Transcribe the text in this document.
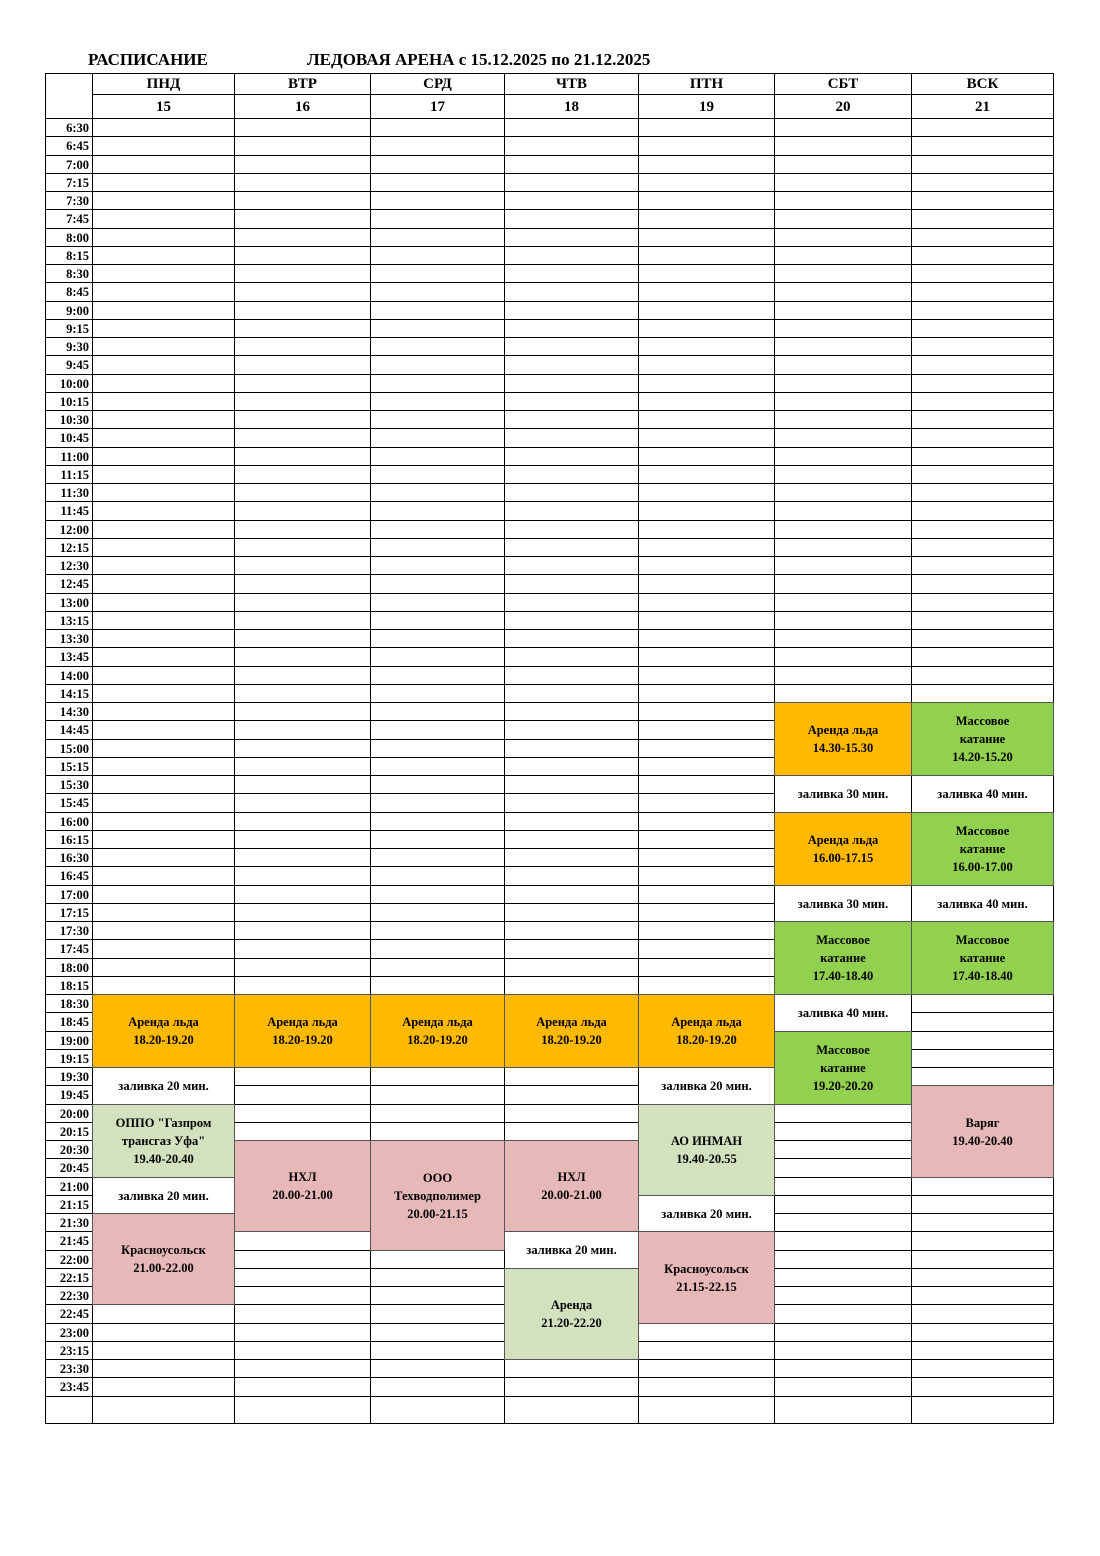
РАСПИСАНИЕ	ЛЕДОВАЯ АРЕНА с 15.12.2025 по 21.12.2025
ПНД
15
ВТР
16
СРД
17
ЧТВ
18
ПТН
19
СБТ
20
ВСК
21
6:30
6:45
7:00
7:15
7:30
7:45
8:00
8:15
8:30
8:45
9:00
9:15
9:30
9:45
10:00
10:15
10:30
10:45
11:00
11:15
11:30
11:45
12:00
12:15
12:30
12:45
13:00
13:15
13:30
13:45
14:00
14:15
14:30
14:45
15:00
15:15
15:30
15:45
16:00
16:15
16:30
16:45
17:00
17:15
17:30
17:45
18:00
18:15
18:30
18:45
19:00
19:15
19:30
19:45
20:00
20:15
20:30
20:45
21:00
21:15
21:30
21:45
22:00
22:15
22:30
22:45
23:00
23:15
23:30
23:45
Аренда льда
18.20-19.20
заливка 20 мин.
ОППО "Газпром
трансгаз Уфа"
19.40-20.40
заливка 20 мин.
Красноусольск
21.00-22.00
Аренда льда
18.20-19.20
НХЛ
20.00-21.00
Аренда льда
18.20-19.20
ООО
Техводполимер
20.00-21.15
Аренда льда
18.20-19.20
НХЛ
20.00-21.00
заливка 20 мин.
Аренда
21.20-22.20
Аренда льда
18.20-19.20
заливка 20 мин.
АО ИНМАН
19.40-20.55
заливка 20 мин.
Красноусольск
21.15-22.15
Аренда льда
14.30-15.30
заливка 30 мин.
Аренда льда
16.00-17.15
заливка 30 мин.
Массовое
катание
17.40-18.40
заливка 40 мин.
Массовое
катание
19.20-20.20
Массовое
катание
14.20-15.20
заливка 40 мин.
Массовое
катание
16.00-17.00
заливка 40 мин.
Массовое
катание
17.40-18.40
Варяг
19.40-20.40
